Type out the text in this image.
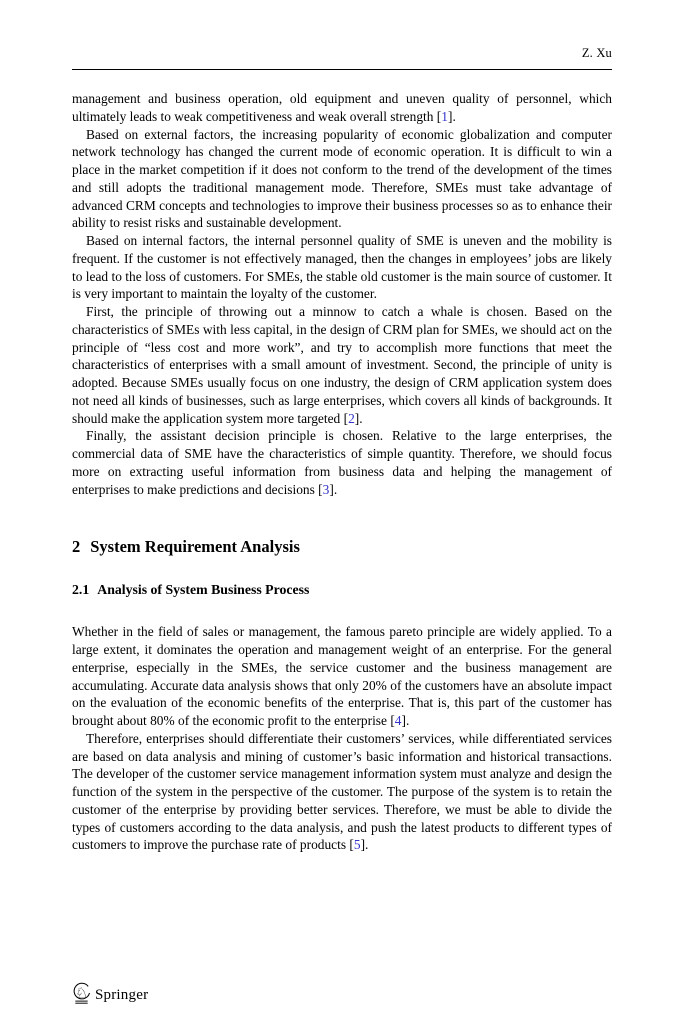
Z. Xu

management and business operation, old equipment and uneven quality of personnel, which ultimately leads to weak competitiveness and weak overall strength [1].

Based on external factors, the increasing popularity of economic globalization and computer network technology has changed the current mode of economic operation. It is difficult to win a place in the market competition if it does not conform to the trend of the development of the times and still adopts the traditional management mode. Therefore, SMEs must take advantage of advanced CRM concepts and technologies to improve their business processes so as to enhance their ability to resist risks and sustainable development.

Based on internal factors, the internal personnel quality of SME is uneven and the mobility is frequent. If the customer is not effectively managed, then the changes in employees’ jobs are likely to lead to the loss of customers. For SMEs, the stable old customer is the main source of customer. It is very important to maintain the loyalty of the customer.

First, the principle of throwing out a minnow to catch a whale is chosen. Based on the characteristics of SMEs with less capital, in the design of CRM plan for SMEs, we should act on the principle of “less cost and more work”, and try to accomplish more functions that meet the characteristics of enterprises with a small amount of investment. Second, the principle of unity is adopted. Because SMEs usually focus on one industry, the design of CRM application system does not need all kinds of businesses, such as large enterprises, which covers all kinds of backgrounds. It should make the application system more targeted [2].

Finally, the assistant decision principle is chosen. Relative to the large enterprises, the commercial data of SME have the characteristics of simple quantity. Therefore, we should focus more on extracting useful information from business data and helping the management of enterprises to make predictions and decisions [3].

2 System Requirement Analysis
2.1 Analysis of System Business Process

Whether in the field of sales or management, the famous pareto principle are widely applied. To a large extent, it dominates the operation and management weight of an enterprise. For the general enterprise, especially in the SMEs, the service customer and the business management are accumulating. Accurate data analysis shows that only 20% of the customers have an absolute impact on the evaluation of the economic benefits of the enterprise. That is, this part of the customer has brought about 80% of the economic profit to the enterprise [4].

Therefore, enterprises should differentiate their customers’ services, while differentiated services are based on data analysis and mining of customer’s basic information and historical transactions. The developer of the customer service management information system must analyze and design the function of the system in the perspective of the customer. The purpose of the system is to retain the customer of the enterprise by providing better services. Therefore, we must be able to divide the types of customers according to the data analysis, and push the latest products to different types of customers to improve the purchase rate of products [5].

♘ Springer
